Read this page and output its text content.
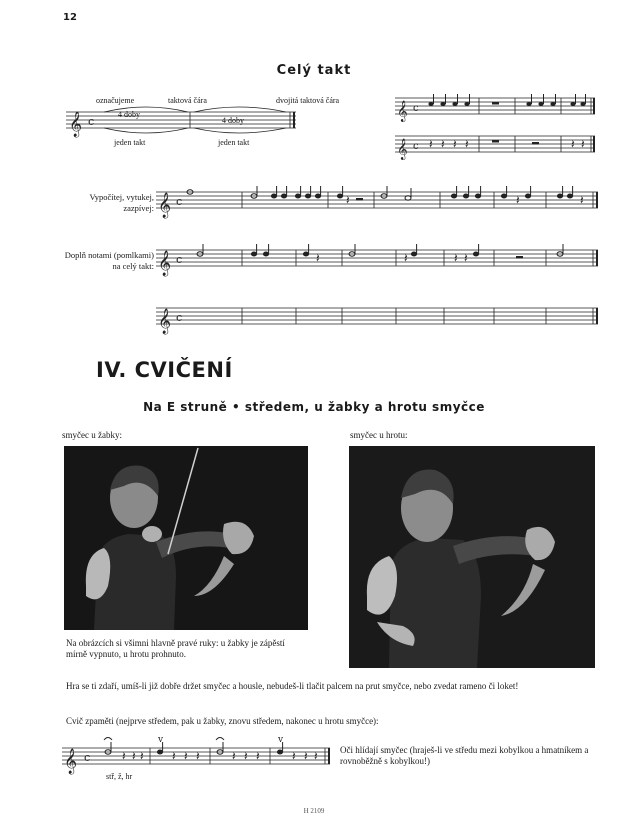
12
Celý takt
𝄞 c
označujeme	taktová čára	dvojitá taktová čára
4 doby
4 doby
jeden takt	jeden takt
𝄞 c
𝄽 𝄽 𝄽 𝄽	𝄽 𝄽
𝄞 c
Vypočítej, vytukej, zazpívej:
𝄽	𝄽	𝄽
𝄞 c
Doplň notami (pomlkami) na celý takt:
𝄽	𝄽	𝄽 𝄽
𝄞 c
𝄞 c
IV. CVIČENÍ
Na E struně • středem, u žabky a hrotu smyčce
smyčec u žabky:	smyčec u hrotu:
Na obrázcích si všimni hlavně pravé ruky: u žabky je zápěstí mírně vypnuto, u hrotu prohnuto.
Hra se ti zdaří, umíš-li již dobře držet smyčec a housle, nebudeš-li tlačit palcem na prut smyčce, nebo zvedat rameno či loket!
Cvič zpaměti (nejprve středem, pak u žabky, znovu středem, nakonec u hrotu smyčce):
𝄽 𝄽 𝄽 𝄽 𝄽 𝄽	𝄽 𝄽 𝄽	𝄽 𝄽 𝄽
v	v
𝄞 c
stř, ž, hr
Oči hlídají smyčec (hraješ-li ve středu mezi kobylkou a hmatníkem a rovnoběžně s kobylkou!)
H 2109
